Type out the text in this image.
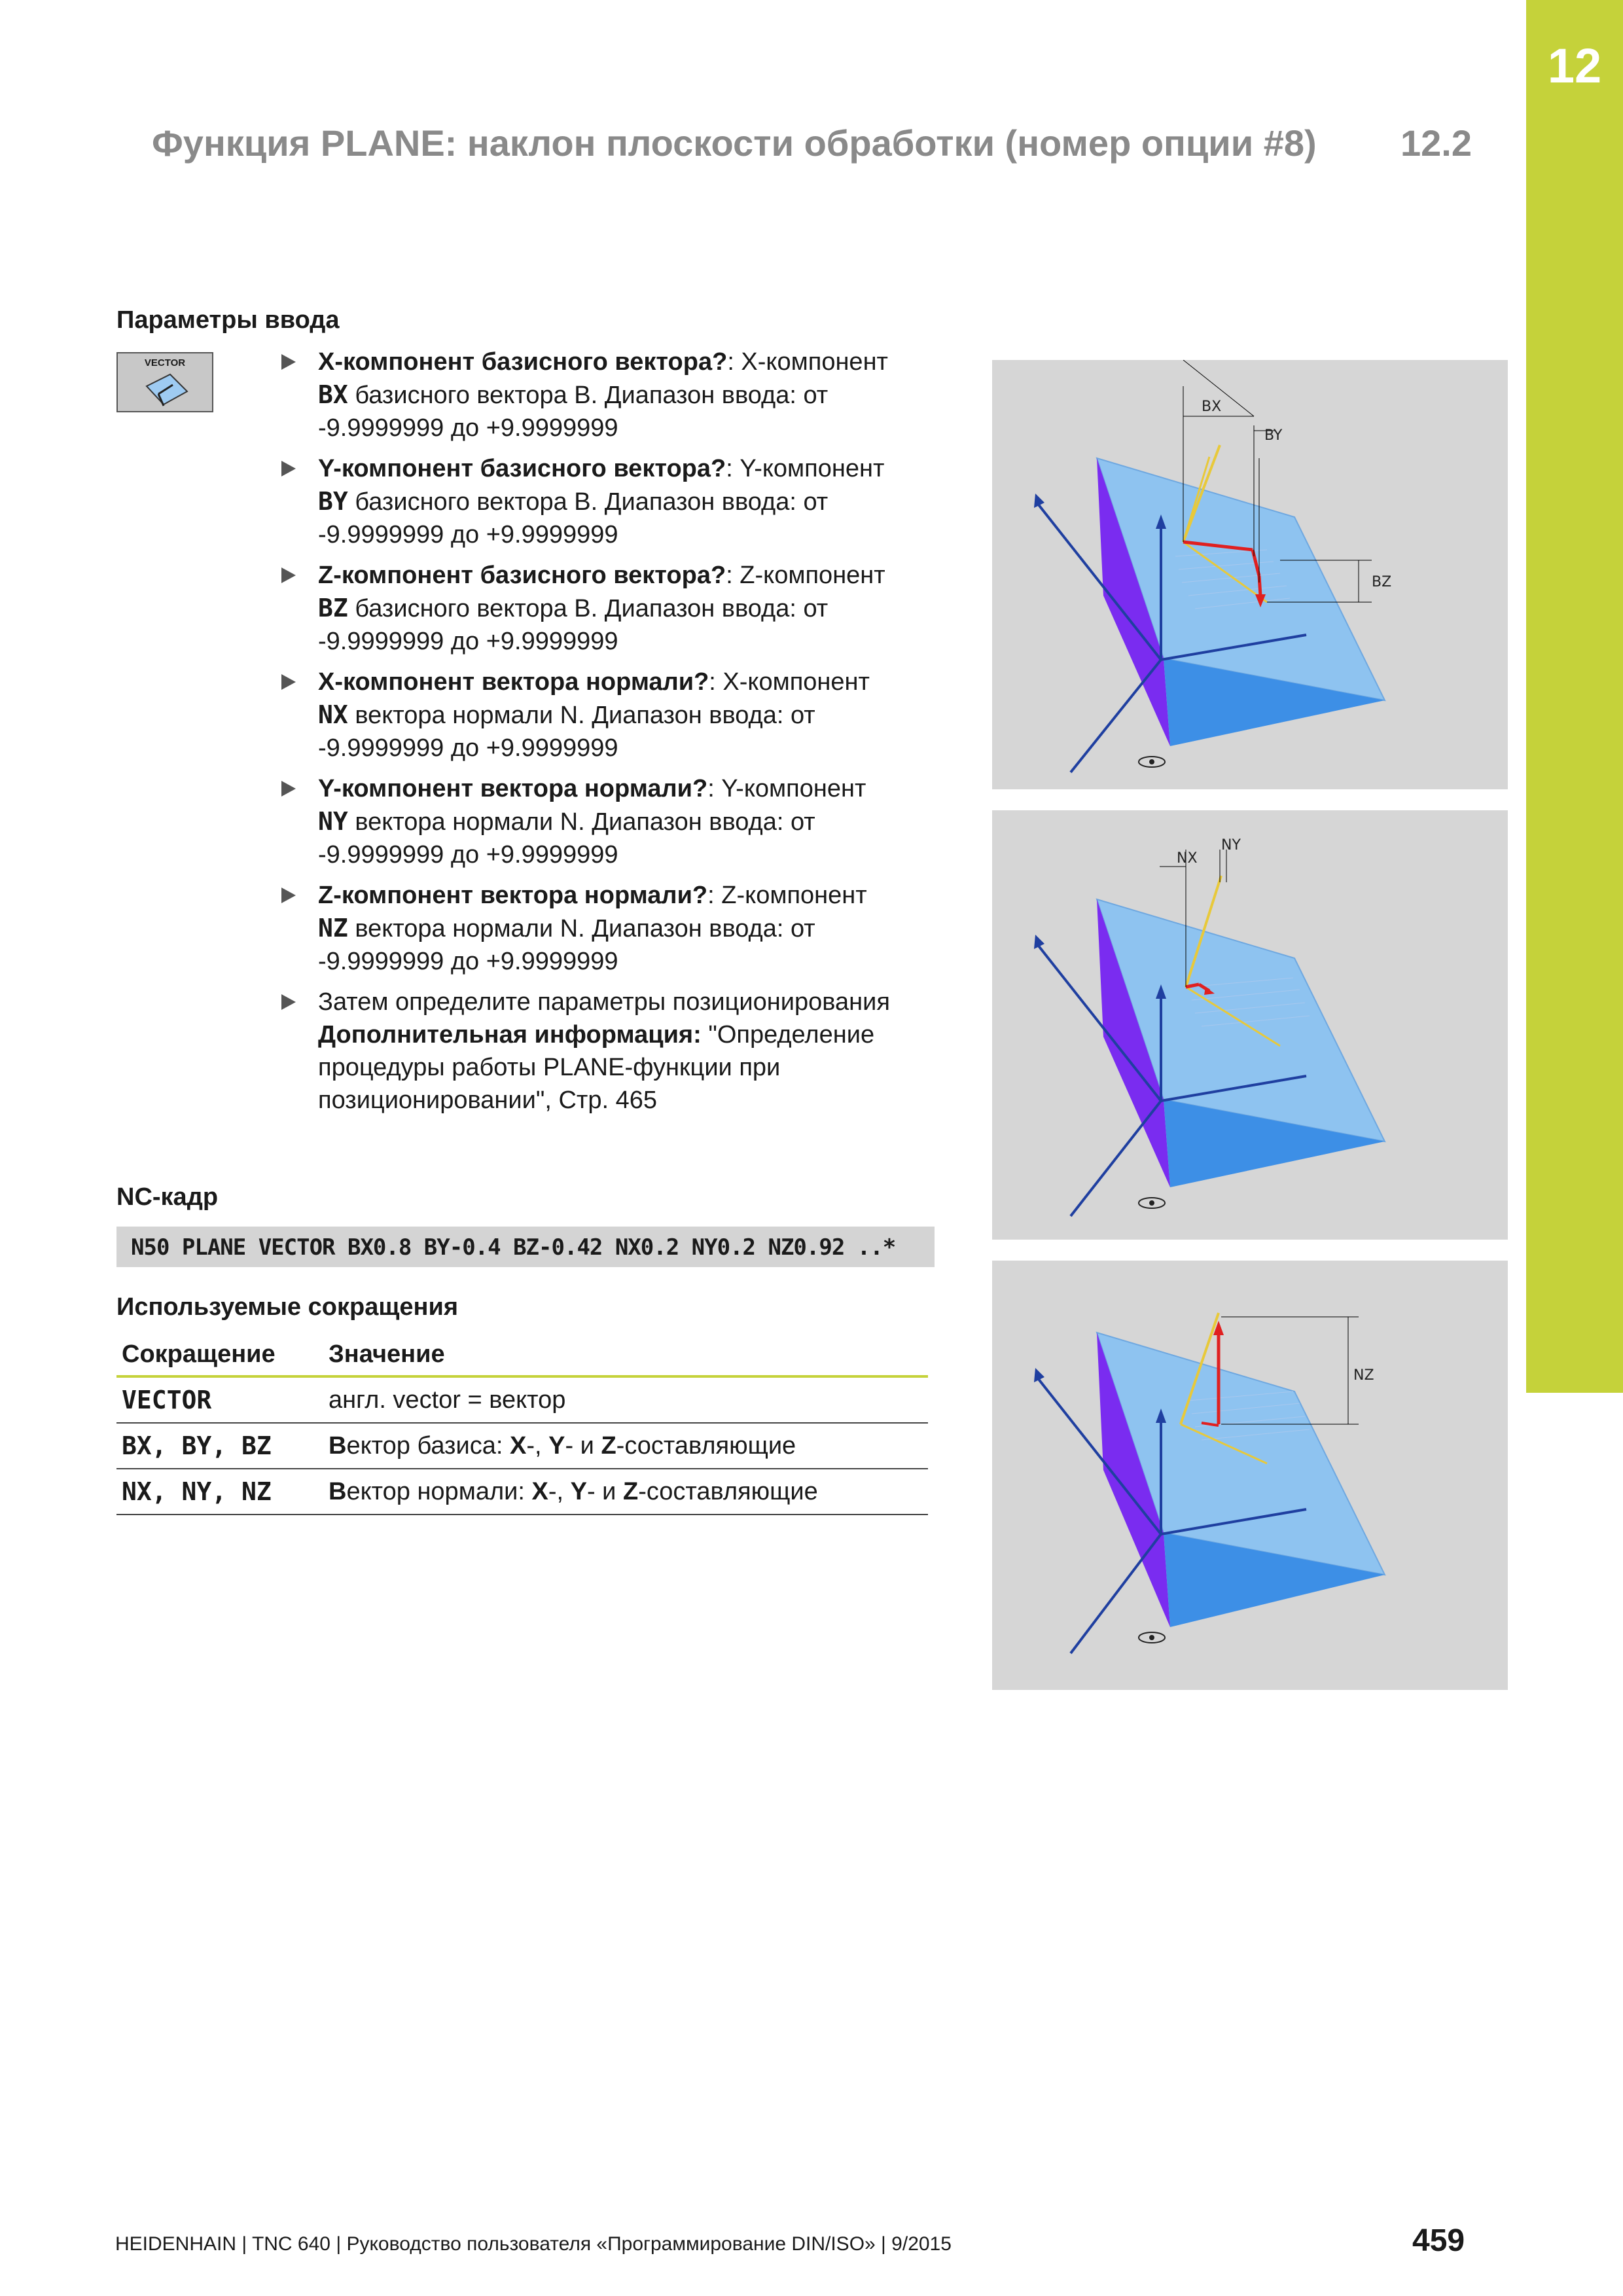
12
Функция PLANE: наклон плоскости обработки (номер опции #8) 12.2
Параметры ввода
VECTOR	X-компонент базисного вектора?: X-компонент
BX базисного вектора B. Диапазон ввода: от -9.9999999 до +9.9999999
Y-компонент базисного вектора?: Y-компонент
BY базисного вектора B. Диапазон ввода: от -9.9999999 до +9.9999999
Z-компонент базисного вектора?: Z-компонент
BZ базисного вектора B. Диапазон ввода: от -9.9999999 до +9.9999999
X-компонент вектора нормали?: X-компонент
NX вектора нормали N. Диапазон ввода: от -9.9999999 до +9.9999999
Y-компонент вектора нормали?: Y-компонент
NY вектора нормали N. Диапазон ввода: от -9.9999999 до +9.9999999
Z-компонент вектора нормали?: Z-компонент
NZ вектора нормали N. Диапазон ввода: от -9.9999999 до +9.9999999
Затем определите параметры позиционирования
Дополнительная информация: "Определение процедуры работы PLANE-функции при позиционировании", Стр. 465
NC-кадр
N50 PLANE VECTOR BX0.8 BY-0.4 BZ-0.42 NX0.2 NY0.2 NZ0.92 ..*
Используемые сокращения
Сокращение	Значение
VECTOR	англ. vector = вектор
BX, BY, BZ	Вектор базиса: X-, Y- и Z-составляющие
NX, NY, NZ	Вектор нормали: X-, Y- и Z-составляющие
BX
BY
BZ
NX
NY
NZ
HEIDENHAIN | TNC 640 | Руководство пользователя «Программирование DIN/ISO» | 9/2015	459
